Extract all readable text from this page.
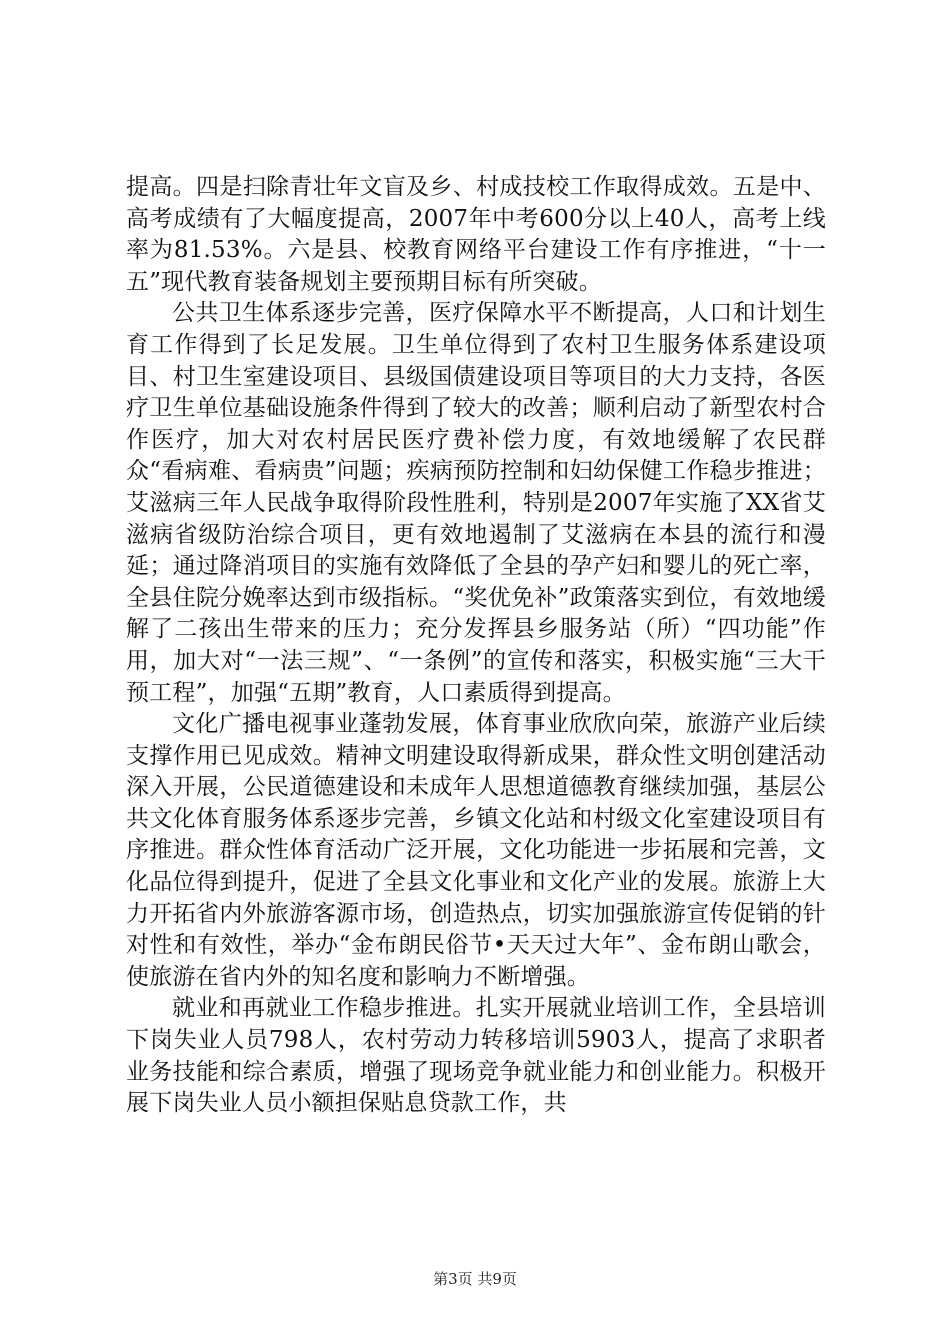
提高。四是扫除青壮年文盲及乡、村成技校工作取得成效。五是中、高考成绩有了大幅度提高，2007年中考600分以上40人，高考上线率为81.53%。六是县、校教育网络平台建设工作有序推进，“十一五”现代教育装备规划主要预期目标有所突破。

公共卫生体系逐步完善，医疗保障水平不断提高，人口和计划生育工作得到了长足发展。卫生单位得到了农村卫生服务体系建设项目、村卫生室建设项目、县级国债建设项目等项目的大力支持，各医疗卫生单位基础设施条件得到了较大的改善；顺利启动了新型农村合作医疗，加大对农村居民医疗费补偿力度，有效地缓解了农民群众“看病难、看病贵”问题；疾病预防控制和妇幼保健工作稳步推进；艾滋病三年人民战争取得阶段性胜利，特别是2007年实施了XX省艾滋病省级防治综合项目，更有效地遏制了艾滋病在本县的流行和漫延；通过降消项目的实施有效降低了全县的孕产妇和婴儿的死亡率，全县住院分娩率达到市级指标。“奖优免补”政策落实到位，有效地缓解了二孩出生带来的压力；充分发挥县乡服务站（所）“四功能”作用，加大对“一法三规”、“一条例”的宣传和落实，积极实施“三大干预工程”，加强“五期”教育，人口素质得到提高。

文化广播电视事业蓬勃发展，体育事业欣欣向荣，旅游产业后续支撑作用已见成效。精神文明建设取得新成果，群众性文明创建活动深入开展，公民道德建设和未成年人思想道德教育继续加强，基层公共文化体育服务体系逐步完善，乡镇文化站和村级文化室建设项目有序推进。群众性体育活动广泛开展，文化功能进一步拓展和完善，文化品位得到提升，促进了全县文化事业和文化产业的发展。旅游上大力开拓省内外旅游客源市场，创造热点，切实加强旅游宣传促销的针对性和有效性，举办“金布朗民俗节•天天过大年”、金布朗山歌会，使旅游在省内外的知名度和影响力不断增强。

就业和再就业工作稳步推进。扎实开展就业培训工作，全县培训下岗失业人员798人，农村劳动力转移培训5903人，提高了求职者业务技能和综合素质，增强了现场竞争就业能力和创业能力。积极开展下岗失业人员小额担保贴息贷款工作，共

第3页 共9页
